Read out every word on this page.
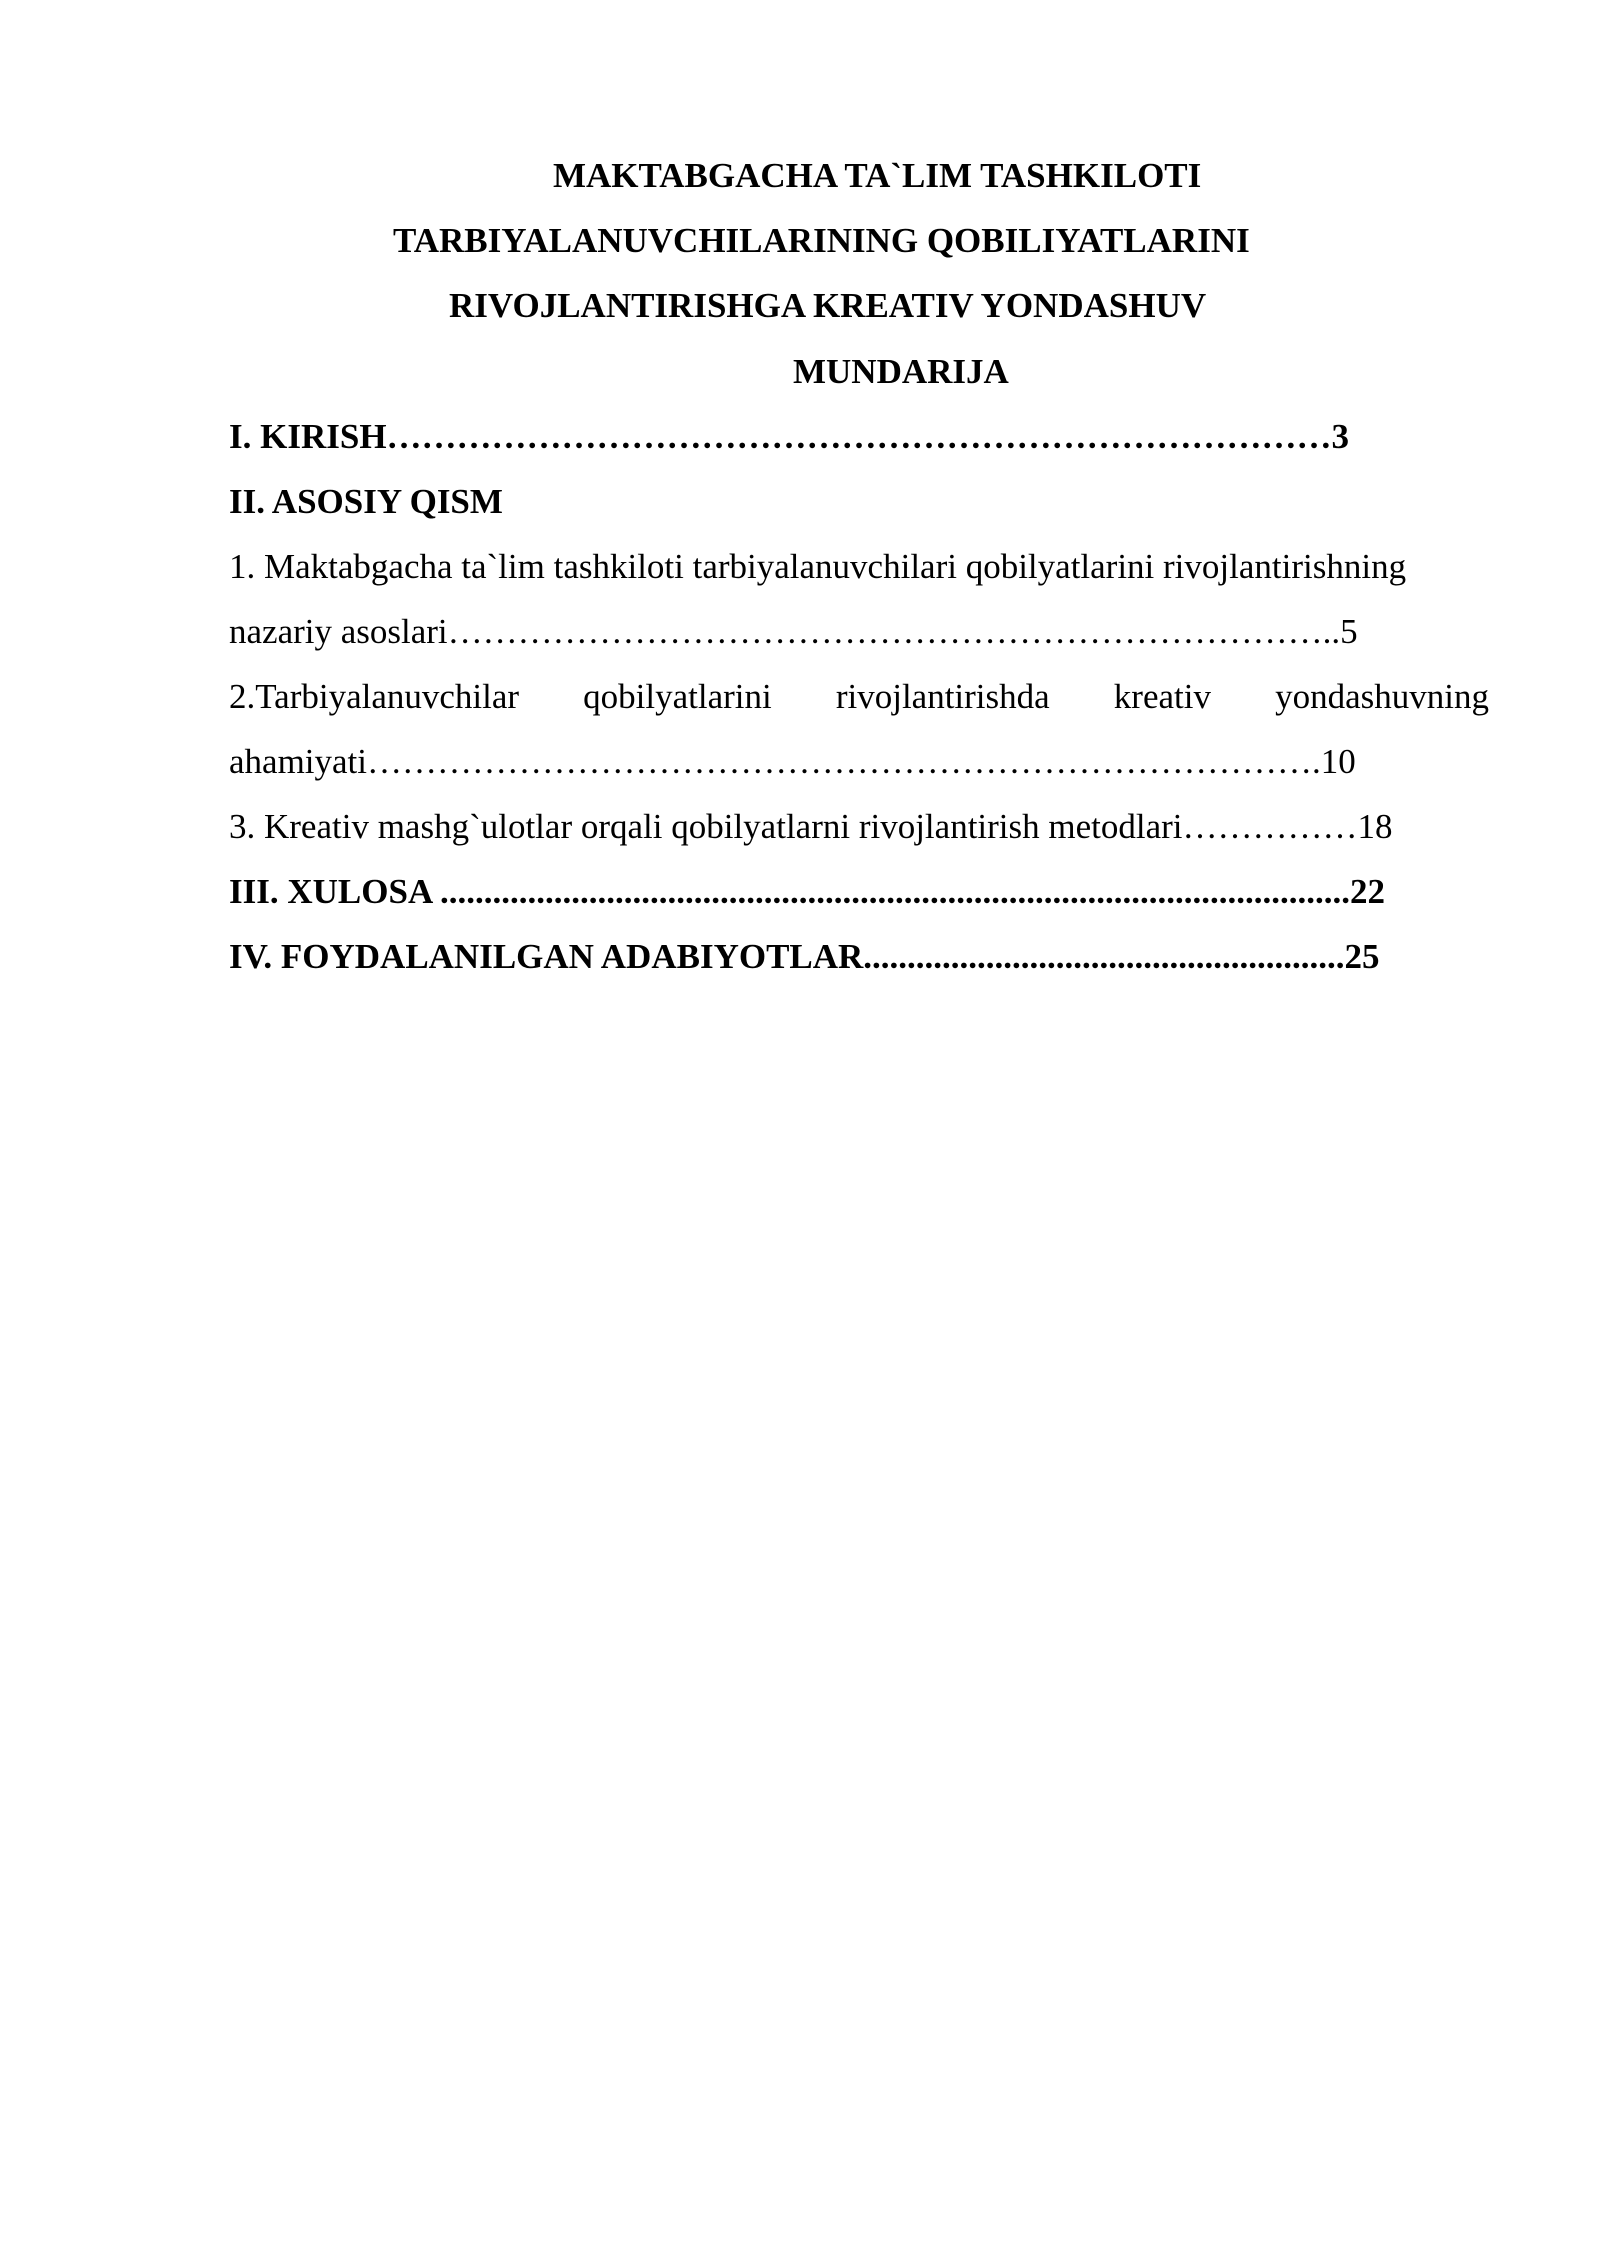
MAKTABGACHA TA`LIM TASHKILOTI
TARBIYALANUVCHILARINING QOBILIYATLARINI
RIVOJLANTIRISHGA KREATIV YONDASHUV
MUNDARIJA
I. KIRISH………………………………………………………………………3
II. ASOSIY QISM
1. Maktabgacha ta`lim tashkiloti tarbiyalanuvchilari qobilyatlarini rivojlantirishning
nazariy asoslari…………………………………………………………………..5
2.Tarbiyalanuvchilar qobilyatlarini rivojlantirishda kreativ yondashuvning
ahamiyati……………………………………………………………………….10
3. Kreativ mashg`ulotlar orqali qobilyatlarni rivojlantirish metodlari……………18
III. XULOSA ........................................................................................................22
IV. FOYDALANILGAN ADABIYOTLAR.......................................................25
